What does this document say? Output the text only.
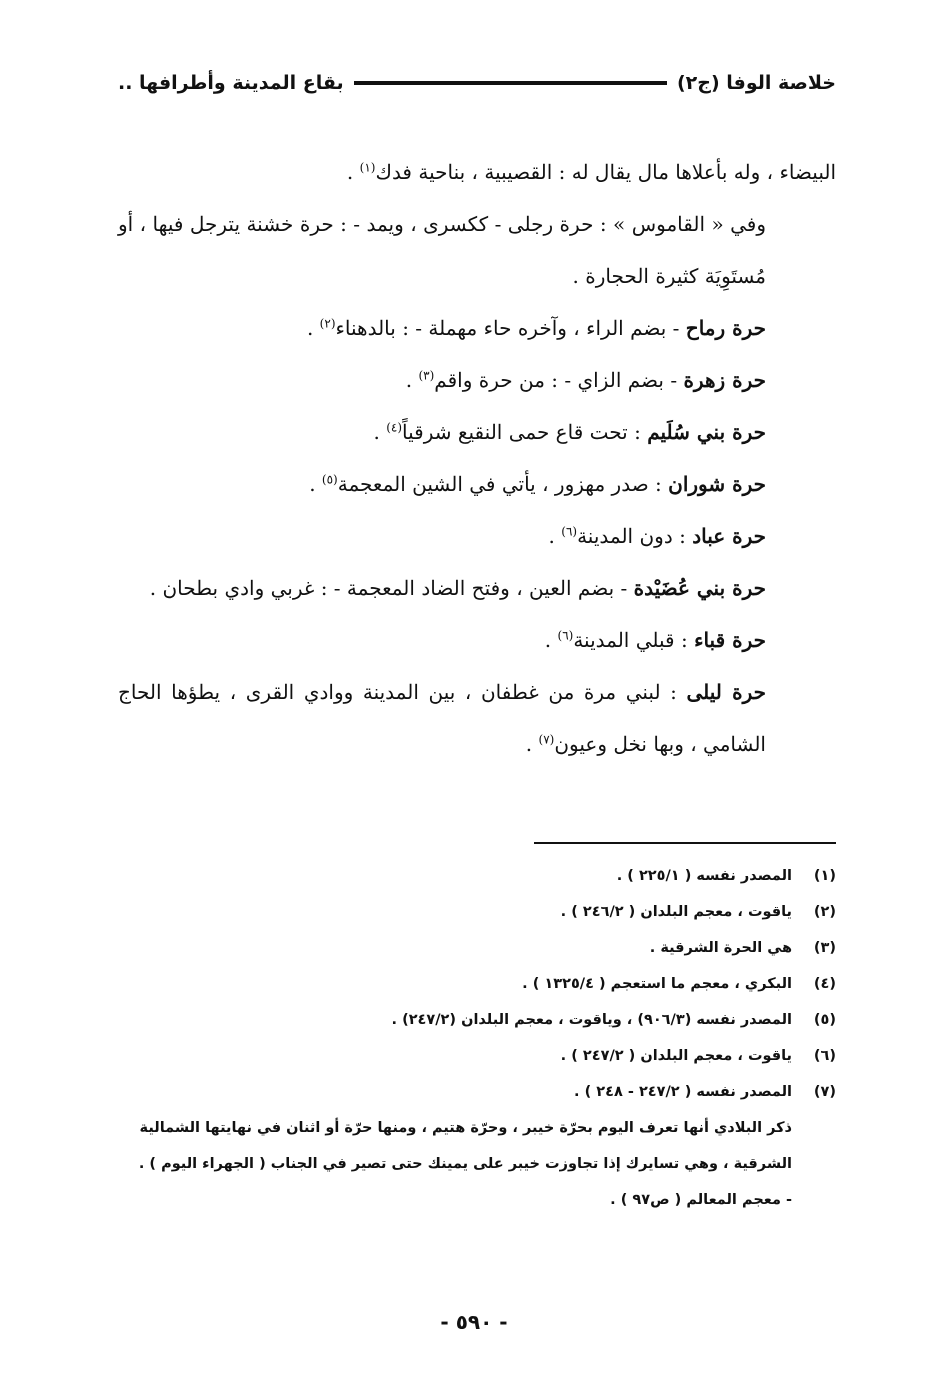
خلاصة الوفا (ج٢)
بقاع المدينة وأطرافها ..

البيضاء ، وله بأعلاها مال يقال له : القصيبية ، بناحية فدك$^{(١)}$ .

وفي « القاموس » : حرة رجلى - ككسرى ، ويمد - : حرة خشنة يترجل فيها ، أو مُستَوِيَة كثيرة الحجارة .

حرة رماح - بضم الراء ، وآخره حاء مهملة - : بالدهناء$^{(٢)}$ .

حرة زهرة - بضم الزاي - : من حرة واقم$^{(٣)}$ .

حرة بني سُلَيم : تحت قاع حمى النقيع شرقياً$^{(٤)}$ .

حرة شوران : صدر مهزور ، يأتي في الشين المعجمة$^{(٥)}$ .

حرة عباد : دون المدينة$^{(٦)}$ .

حرة بني عُضَيْدة - بضم العين ، وفتح الضاد المعجمة - : غربي وادي بطحان .

حرة قباء : قبلي المدينة$^{(٦)}$ .

حرة ليلى : لبني مرة من غطفان ، بين المدينة ووادي القرى ، يطؤها الحاج الشامي ، وبها نخل وعيون$^{(٧)}$ .

(١)
المصدر نفسه ( ٢٢٥/١ ) .
(٢)
ياقوت ، معجم البلدان ( ٢٤٦/٢ ) .
(٣)
هي الحرة الشرقية .
(٤)
البكري ، معجم ما استعجم ( ١٣٢٥/٤ ) .
(٥)
المصدر نفسه (٩٠٦/٣) ، وياقوت ، معجم البلدان (٢٤٧/٢) .
(٦)
ياقوت ، معجم البلدان ( ٢٤٧/٢ ) .
(٧)
المصدر نفسه ( ٢٤٧/٢ - ٢٤٨ ) .

ذكر البلادي أنها تعرف اليوم بحرّة خيبر ، وحرّة هتيم ، ومنها حرّة أو اثنان في نهايتها الشمالية

الشرقية ، وهي تسايرك إذا تجاوزت خيبر على يمينك حتى تصير في الجناب ( الجهراء اليوم ) .

- معجم المعالم ( ص٩٧ ) .

- ٥٩٠ -
